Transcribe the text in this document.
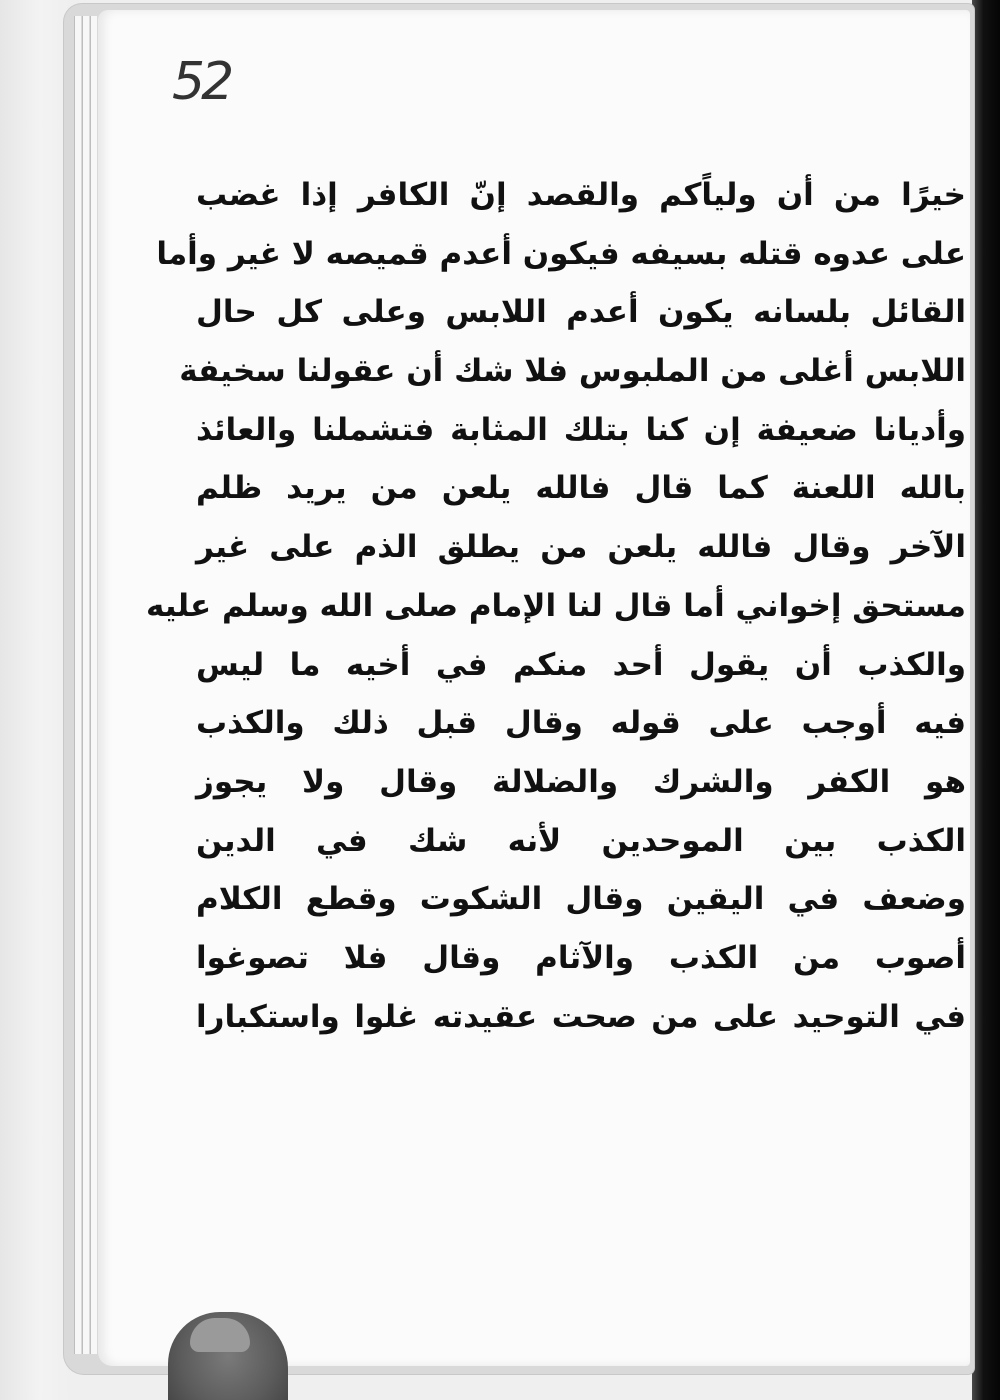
52
خيرًا من أن ولياًكم والقصد إنّ الكافر إذا غضب
على عدوه قتله بسيفه فيكون أعدم قميصه لا غير وأما
القائل بلسانه يكون أعدم اللابس وعلى كل حال
اللابس أغلى من الملبوس فلا شك أن عقولنا سخيفة
وأديانا ضعيفة إن كنا بتلك المثابة فتشملنا والعائذ
بالله اللعنة كما قال فالله يلعن من يريد ظلم
الآخر وقال فالله يلعن من يطلق الذم على غير
مستحق إخواني أما قال لنا الإمام صلى الله وسلم عليه
والكذب أن يقول أحد منكم في أخيه ما ليس
فيه أوجب على قوله وقال قبل ذلك والكذب
هو الكفر والشرك والضلالة وقال ولا يجوز
الكذب بين الموحدين لأنه شك في الدين
وضعف في اليقين وقال الشكوت وقطع الكلام
أصوب من الكذب والآثام وقال فلا تصوغوا
في التوحيد على من صحت عقيدته غلوا واستكبارا
